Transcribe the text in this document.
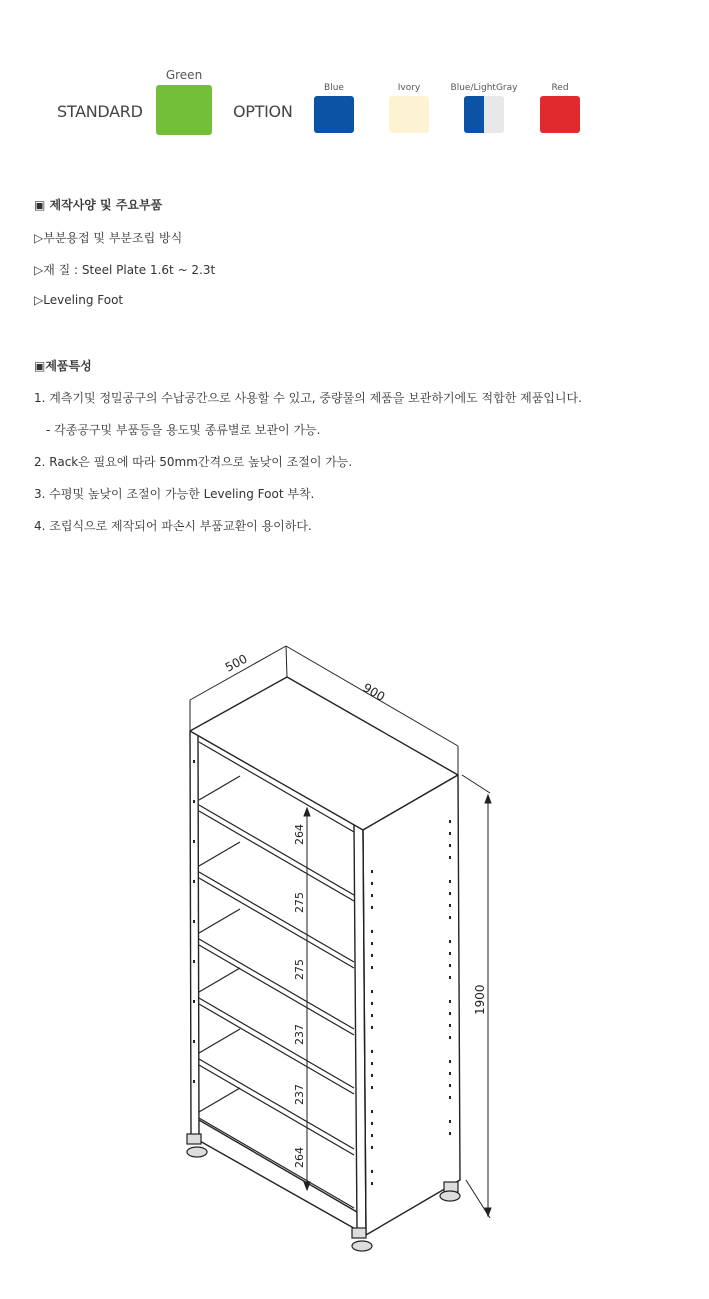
STANDARD
Green
OPTION
Blue	Ivory	Blue/LightGray	Red
▣ 제작사양 및 주요부품
▷부분용접 및 부분조립 방식
▷재 질 : Steel Plate 1.6t ~ 2.3t
▷Leveling Foot
▣제품특성
1. 계측기및 정밀공구의 수납공간으로 사용할 수 있고, 중량물의 제품을 보관하기에도 적합한 제품입니다.
- 각종공구및 부품등을 용도및 종류별로 보관이 가능.
2. Rack은 필요에 따라 50mm간격으로 높낮이 조절이 가능.
3. 수평및 높낮이 조절이 가능한 Leveling Foot 부착.
4. 조립식으로 제작되어 파손시 부품교환이 용이하다.
500
900
1900
264
275
275
237
237
264
